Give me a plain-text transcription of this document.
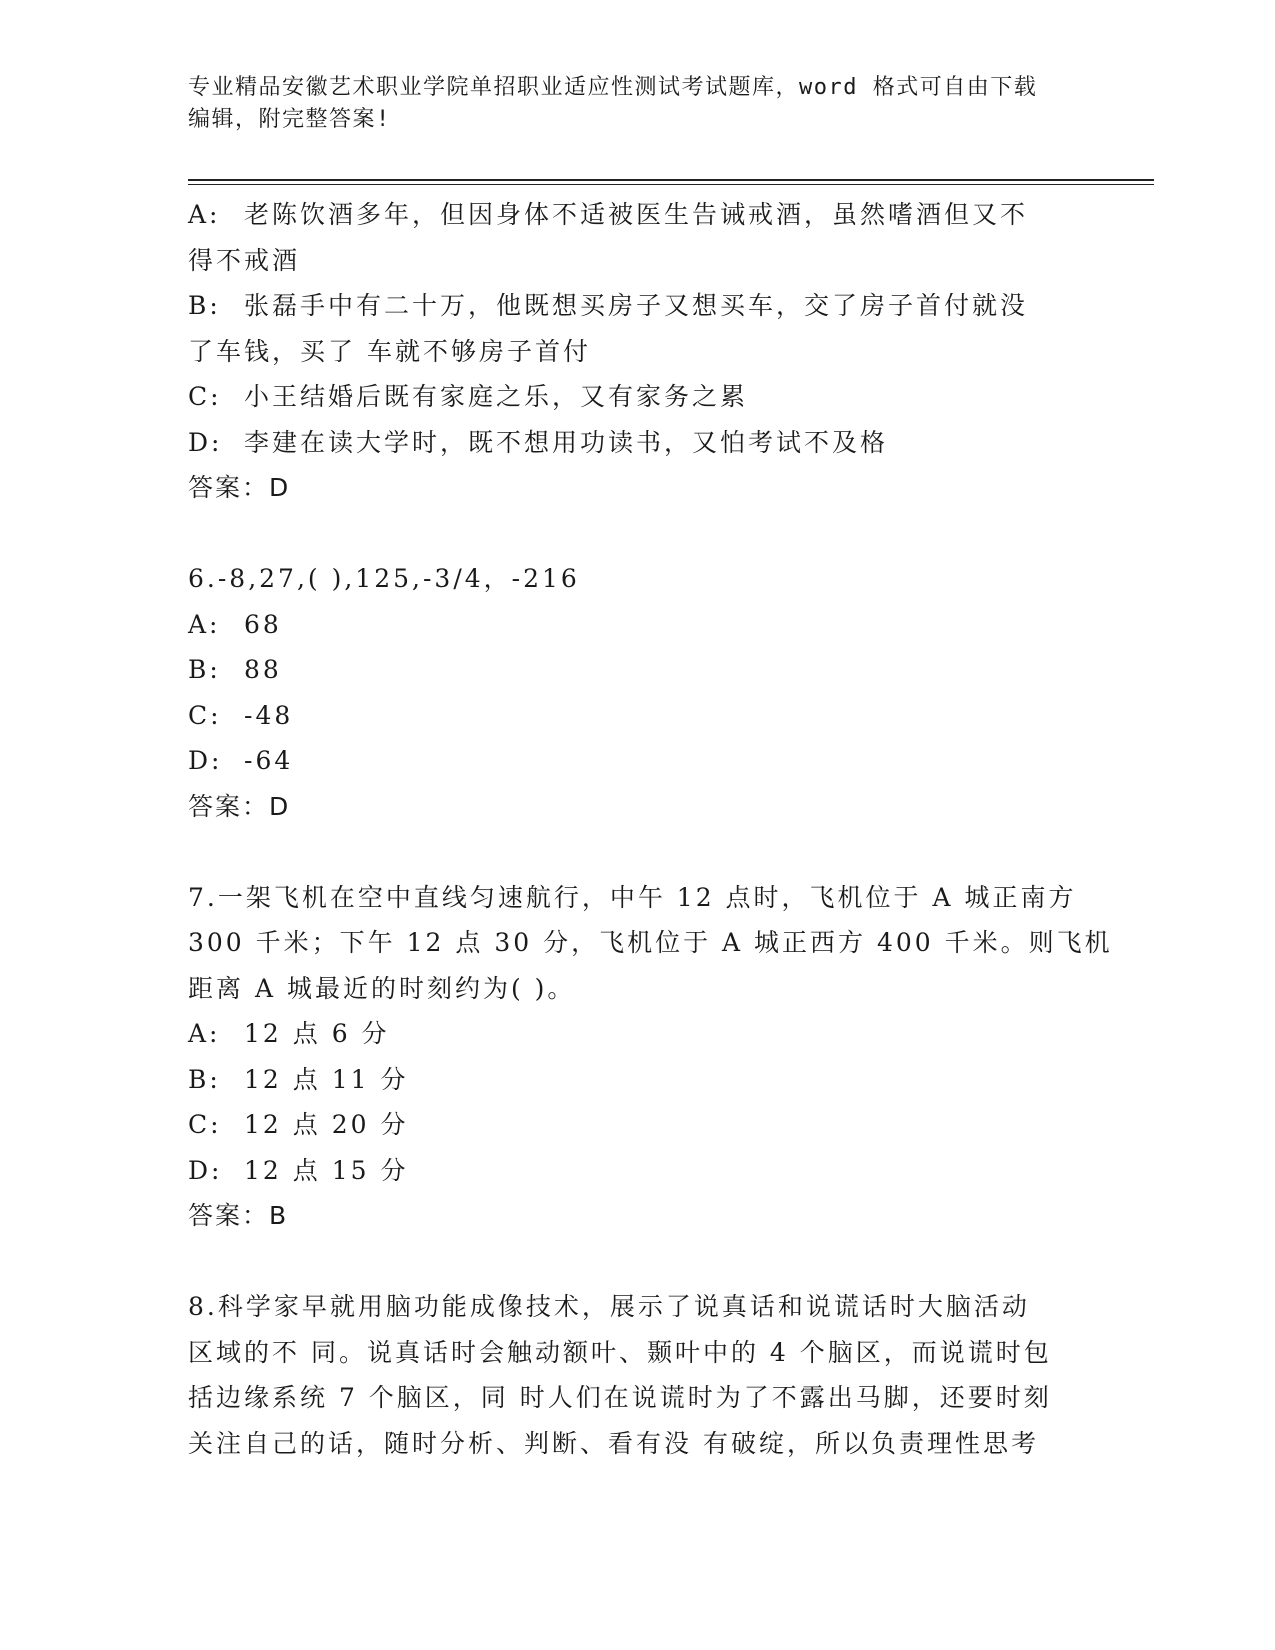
专业精品安徽艺术职业学院单招职业适应性测试考试题库，word 格式可自由下载
编辑，附完整答案!
A: 老陈饮酒多年，但因身体不适被医生告诫戒酒，虽然嗜酒但又不
得不戒酒
B: 张磊手中有二十万，他既想买房子又想买车，交了房子首付就没
了车钱，买了 车就不够房子首付
C: 小王结婚后既有家庭之乐，又有家务之累
D: 李建在读大学时，既不想用功读书，又怕考试不及格
答案：D
6.-8,27,( ),125,-3/4，-216
A: 68
B: 88
C: -48
D: -64
答案：D
7.一架飞机在空中直线匀速航行，中午 12 点时，飞机位于 A 城正南方
300 千米；下午 12 点 30 分，飞机位于 A 城正西方 400 千米。则飞机
距离 A 城最近的时刻约为( )。
A: 12 点 6 分
B: 12 点 11 分
C: 12 点 20 分
D: 12 点 15 分
答案：B
8.科学家早就用脑功能成像技术，展示了说真话和说谎话时大脑活动
区域的不 同。说真话时会触动额叶、颞叶中的 4 个脑区，而说谎时包
括边缘系统 7 个脑区，同 时人们在说谎时为了不露出马脚，还要时刻
关注自己的话，随时分析、判断、看有没 有破绽，所以负责理性思考
